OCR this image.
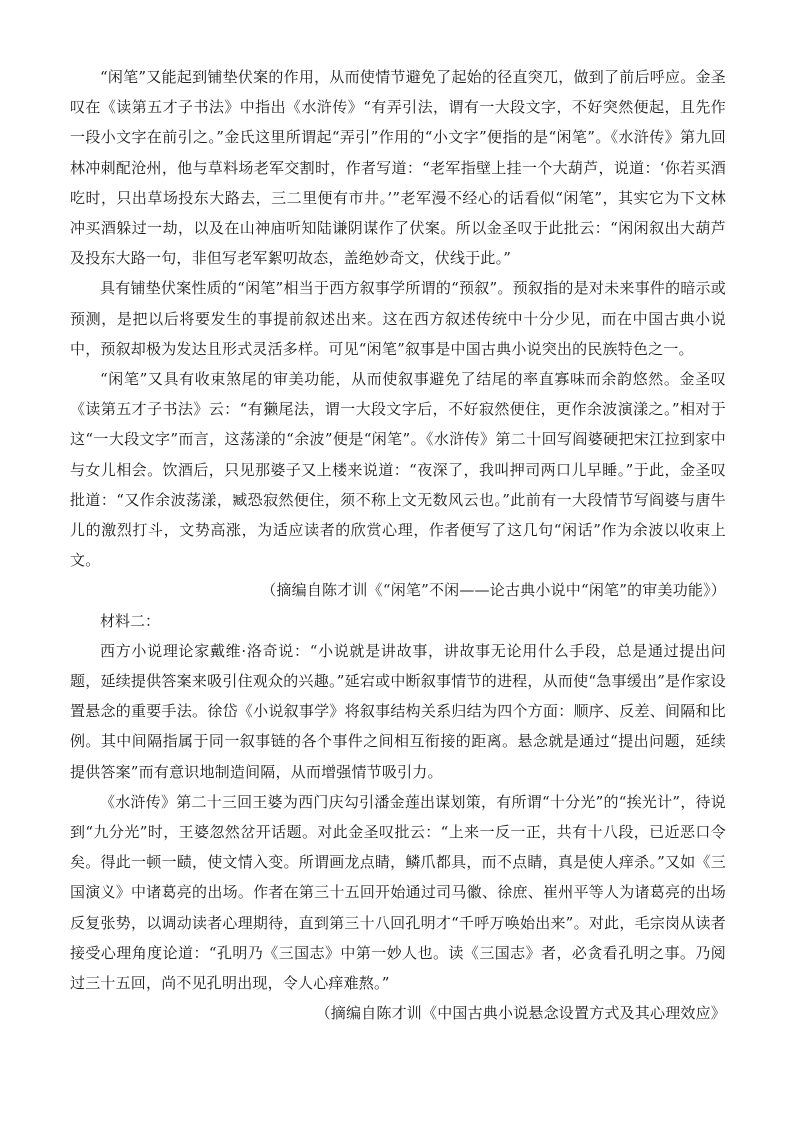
“闲笔”又能起到铺垫伏案的作用，从而使情节避免了起始的径直突兀，做到了前后呼应。金圣叹在《读第五才子书法》中指出《水浒传》“有弄引法，谓有一大段文字，不好突然便起，且先作一段小文字在前引之。”金氏这里所谓起“弄引”作用的“小文字”便指的是“闲笔”。《水浒传》第九回林冲刺配沧州，他与草料场老军交割时，作者写道：“老军指壁上挂一个大葫芦，说道：‘你若买酒吃时，只出草场投东大路去，三二里便有市井。’”老军漫不经心的话看似“闲笔”，其实它为下文林冲买酒躲过一劫，以及在山神庙听知陆谦阴谋作了伏案。所以金圣叹于此批云：“闲闲叙出大葫芦及投东大路一句，非但写老军絮叨故态，盖绝妙奇文，伏线于此。”

具有铺垫伏案性质的“闲笔”相当于西方叙事学所谓的“预叙”。预叙指的是对未来事件的暗示或预测，是把以后将要发生的事提前叙述出来。这在西方叙述传统中十分少见，而在中国古典小说中，预叙却极为发达且形式灵活多样。可见“闲笔”叙事是中国古典小说突出的民族特色之一。

“闲笔”又具有收束煞尾的审美功能，从而使叙事避免了结尾的率直寡味而余韵悠然。金圣叹《读第五才子书法》云：“有獭尾法，谓一大段文字后，不好寂然便住，更作余波演漾之。”相对于这“一大段文字”而言，这荡漾的“余波”便是“闲笔”。《水浒传》第二十回写阎婆硬把宋江拉到家中与女儿相会。饮酒后，只见那婆子又上楼来说道：“夜深了，我叫押司两口儿早睡。”于此，金圣叹批道：“又作余波荡漾，臧恐寂然便住，须不称上文无数风云也。”此前有一大段情节写阎婆与唐牛儿的激烈打斗，文势高涨，为适应读者的欣赏心理，作者便写了这几句“闲话”作为余波以收束上文。

（摘编自陈才训《“闲笔”不闲——论古典小说中“闲笔”的审美功能》）

材料二：

西方小说理论家戴维·洛奇说：“小说就是讲故事，讲故事无论用什么手段，总是通过提出问题，延续提供答案来吸引住观众的兴趣。”延宕或中断叙事情节的进程，从而使“急事缓出”是作家设置悬念的重要手法。徐岱《小说叙事学》将叙事结构关系归结为四个方面：顺序、反差、间隔和比例。其中间隔指属于同一叙事链的各个事件之间相互衔接的距离。悬念就是通过“提出问题，延续提供答案”而有意识地制造间隔，从而增强情节吸引力。

《水浒传》第二十三回王婆为西门庆勾引潘金莲出谋划策，有所谓“十分光”的“挨光计”，待说到“九分光”时，王婆忽然岔开话题。对此金圣叹批云：“上来一反一正，共有十八段，已近恶口令矣。得此一顿一赜，使文情入变。所谓画龙点睛，鳞爪都具，而不点睛，真是使人痒杀。”又如《三国演义》中诸葛亮的出场。作者在第三十五回开始通过司马徽、徐庶、崔州平等人为诸葛亮的出场反复张势，以调动读者心理期待，直到第三十八回孔明才“千呼万唤始出来”。对此，毛宗岗从读者接受心理角度论道：“孔明乃《三国志》中第一妙人也。读《三国志》者，必贪看孔明之事。乃阅过三十五回，尚不见孔明出现，令人心痒难熬。”

（摘编自陈才训《中国古典小说悬念设置方式及其心理效应》
